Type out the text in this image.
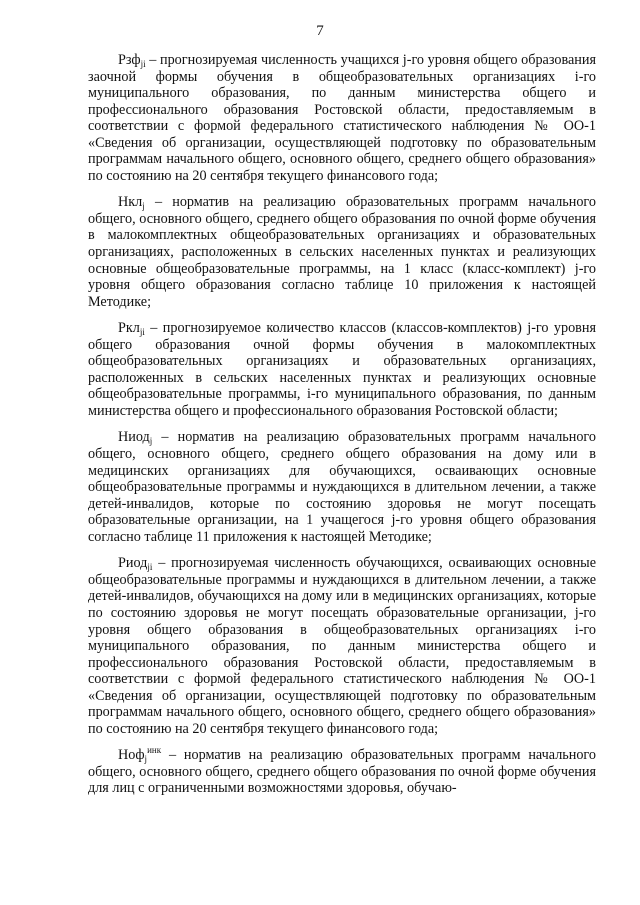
7

Рзф$_{ji}$ – прогнозируемая численность учащихся j-го уровня общего образования заочной формы обучения в общеобразовательных организациях i-го муниципального образования, по данным министерства общего и профессионального образования Ростовской области, предоставляемым в соответствии с формой федерального статистического наблюдения № ОО-1 «Сведения об организации, осуществляющей подготовку по образовательным программам начального общего, основного общего, среднего общего образования» по состоянию на 20 сентября текущего финансового года;

Нкл$_j$ – норматив на реализацию образовательных программ начального общего, основного общего, среднего общего образования по очной форме обучения в малокомплектных общеобразовательных организациях и образовательных организациях, расположенных в сельских населенных пунктах и реализующих основные общеобразовательные программы, на 1 класс (класс-комплект) j-го уровня общего образования согласно таблице 10 приложения к настоящей Методике;

Ркл$_{ji}$ – прогнозируемое количество классов (классов-комплектов) j-го уровня общего образования очной формы обучения в малокомплектных общеобразовательных организациях и образовательных организациях, расположенных в сельских населенных пунктах и реализующих основные общеобразовательные программы, i-го муниципального образования, по данным министерства общего и профессионального образования Ростовской области;

Ниод$_j$ – норматив на реализацию образовательных программ начального общего, основного общего, среднего общего образования на дому или в медицинских организациях для обучающихся, осваивающих основные общеобразовательные программы и нуждающихся в длительном лечении, а также детей-инвалидов, которые по состоянию здоровья не могут посещать образовательные организации, на 1 учащегося j-го уровня общего образования согласно таблице 11 приложения к настоящей Методике;

Риод$_{ji}$ – прогнозируемая численность обучающихся, осваивающих основные общеобразовательные программы и нуждающихся в длительном лечении, а также детей-инвалидов, обучающихся на дому или в медицинских организациях, которые по состоянию здоровья не могут посещать образовательные организации, j-го уровня общего образования в общеобразовательных организациях i-го муниципального образования, по данным министерства общего и профессионального образования Ростовской области, предоставляемым в соответствии с формой федерального статистического наблюдения № ОО-1 «Сведения об организации, осуществляющей подготовку по образовательным программам начального общего, основного общего, среднего общего образования» по состоянию на 20 сентября текущего финансового года;

Ноф$_j^{инк}$ – норматив на реализацию образовательных программ начального общего, основного общего, среднего общего образования по очной форме обучения для лиц с ограниченными возможностями здоровья, обучаю-
